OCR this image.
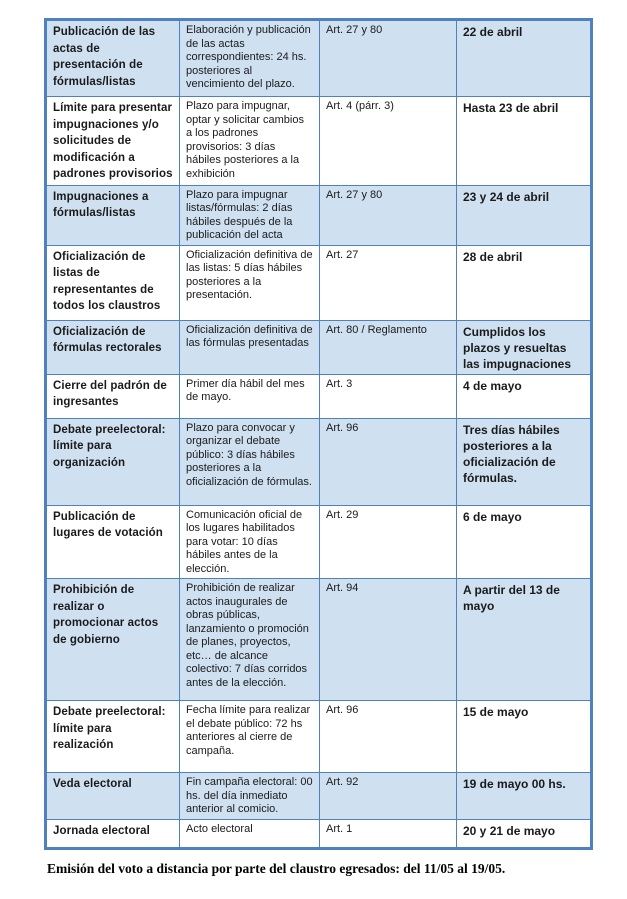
Publicación de las actas de presentación de fórmulas/listas	Elaboración y publicación de las actas correspondientes: 24 hs. posteriores al vencimiento del plazo.	Art. 27 y 80	22 de abril
Límite para presentar impugnaciones y/o solicitudes de modificación a padrones provisorios	Plazo para impugnar, optar y solicitar cambios a los padrones provisorios: 3 días hábiles posteriores a la exhibición	Art. 4 (párr. 3)	Hasta 23 de abril
Impugnaciones a fórmulas/listas	Plazo para impugnar listas/fórmulas: 2 días hábiles después de la publicación del acta	Art. 27 y 80	23 y 24 de abril
Oficialización de listas de representantes de todos los claustros	Oficialización definitiva de las listas: 5 días hábiles posteriores a la presentación.	Art. 27	28 de abril
Oficialización de fórmulas rectorales	Oficialización definitiva de las fórmulas presentadas	Art. 80 / Reglamento	Cumplidos los plazos y resueltas las impugnaciones
Cierre del padrón de ingresantes	Primer día hábil del mes de mayo.	Art. 3	4 de mayo
Debate preelectoral: límite para organización	Plazo para convocar y organizar el debate público: 3 días hábiles posteriores a la oficialización de fórmulas.	Art. 96	Tres días hábiles posteriores a la oficialización de fórmulas.
Publicación de lugares de votación	Comunicación oficial de los lugares habilitados para votar: 10 días hábiles antes de la elección.	Art. 29	6 de mayo
Prohibición de realizar o promocionar actos de gobierno	Prohibición de realizar actos inaugurales de obras públicas, lanzamiento o promoción de planes, proyectos, etc… de alcance colectivo: 7 días corridos antes de la elección.	Art. 94	A partir del 13 de mayo
Debate preelectoral: límite para realización	Fecha límite para realizar el debate público: 72 hs anteriores al cierre de campaña.	Art. 96	15 de mayo
Veda electoral	Fin campaña electoral: 00 hs. del día inmediato anterior al comicio.	Art. 92	19 de mayo 00 hs.
Jornada electoral	Acto electoral	Art. 1	20 y 21 de mayo

Emisión del voto a distancia por parte del claustro egresados: del 11/05 al 19/05.
